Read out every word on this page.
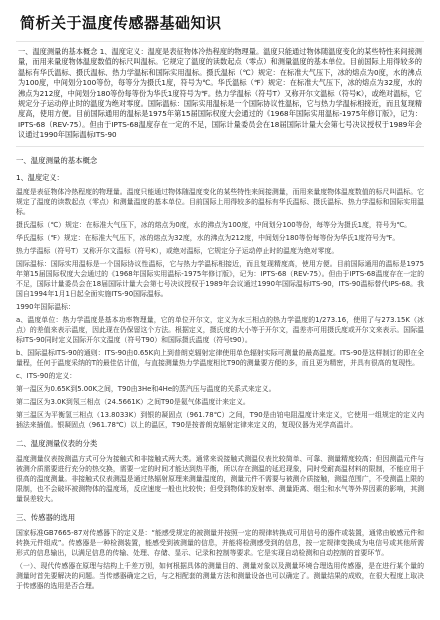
简析关于温度传感器基础知识
一、温度测量的基本概念 1、温度定义：温度是表征物体冷热程度的物理量。温度只能通过物体随温度变化的某些特性来间接测量，而用来量度物体温度数值的标尺叫温标。它规定了温度的读数起点（零点）和测量温度的基本单位。目前国际上用得较多的温标有华氏温标、摄氏温标、热力学温标和国际实用温标。摄氏温标（℃）规定：在标准大气压下，冰的熔点为0度，水的沸点为100度，中间划分100等份，每等分为摄氏1度，符号为℃。华氏温标（℉）规定：在标准大气压下，冰的熔点为32度，水的沸点为212度，中间划分180等份每等份为华氏1度符号为℉。热力学温标（符号T）又称开尔文温标（符号K），或绝对温标，它规定分子运动停止时的温度为绝对零度。国际温标：国际实用温标是一个国际协议性温标，它与热力学温标相接近，而且复现精度高，使用方便。目前国际通用的温标是1975年第15届国际权度大会通过的《1968年国际实用温标-1975年修订版》，记为：IPTS-68（REV-75）。但由于IPTS-68温度存在一定的不足，国际计量委员会在18届国际计量大会第七号决议授权于1989年会议通过1990年国际温标ITS-90
一、温度测量的基本概念
1、温度定义：

温度是表征物体冷热程度的物理量。温度只能通过物体随温度变化的某些特性来间接测量，而用来量度物体温度数值的标尺叫温标。它规定了温度的读数起点（零点）和测量温度的基本单位。目前国际上用得较多的温标有华氏温标、摄氏温标、热力学温标和国际实用温标。

摄氏温标（℃）规定：在标准大气压下，冰的熔点为0度，水的沸点为100度，中间划分100等份，每等分为摄氏1度，符号为℃。

华氏温标（℉）规定：在标准大气压下，冰的熔点为32度，水的沸点为212度，中间划分180等份每等份为华氏1度符号为℉。

热力学温标（符号T）又称开尔文温标（符号K），或绝对温标，它规定分子运动停止时的温度为绝对零度。

国际温标：国际实用温标是一个国际协议性温标，它与热力学温标相接近，而且复现精度高，使用方便。目前国际通用的温标是1975年第15届国际权度大会通过的《1968年国际实用温标-1975年修订版》，记为：IPTS-68（REV-75）。但由于IPTS-68温度存在一定的不足，国际计量委员会在18届国际计量大会第七号决议授权于1989年会议通过1990年国际温标ITS-90，ITS-90温标替代IPS-68。我国自1994年1月1日起全面实施ITS-90国际温标。

1990年国际温标：

a、温度单位：热力学温度是基本功率物理量，它的单位开尔文，定义为水三相点的热力学温度的1/273.16，使用了与273.15K（冰点）的差值来表示温度，因此现在仍保留这个方法。根据定义，摄氏度的大小等于开尔文，温差亦可用摄氏度或开尔文来表示。国际温标ITS-90同时定义国际开尔文温度（符号T90）和国际摄氏温度（符号t90）。

b、国际温标ITS-90的通则：ITS-90由0.65K向上到普朗克辐射定律使用单色辐射实际可测量的最高温度。ITS-90是这样制订的即在全量程，任何于温度采纳的T的最佳估计值，与直接测量热力学温度相比T90的测量要方便的多，而且更为精密，并具有很高的复现性。

c、ITS-90的定义：

第一温区为0.65K到5.00K之间，T90由3He和4He的蒸汽压与温度的关系式来定义。

第二温区为3.0K到氖三相点（24.5661K）之间T90是氦气体温度计来定义。

第三温区为平衡氢三相点（13.8033K）到银的凝固点（961.78℃）之间，T90是由铂电阻温度计来定义，它使用一组规定的定义内插法来插值。银凝固点（961.78℃）以上的温区，T90是按普朗克辐射定律来定义的，复现仪器为光学高温计。

二、温度测量仪表的分类

温度测量仪表按测温方式可分为接触式和非接触式两大类。通常来说接触式测温仪表比较简单、可靠、测量精度较高；但因测温元件与被测介质需要进行充分的热交换，需要一定的时间才能达到热平衡，所以存在测温的延迟现象，同时受耐高温材料的限制，不能应用于很高的温度测量。非接触式仪表测温是通过热辐射原理来测量温度的，测量元件不需要与被测介质接触，测温范围广，不受测温上限的限制，也不会破坏被测物体的温度场，反应速度一般也比较快；但受到物体的发射率、测量距离、烟尘和水气等外界因素的影响，其测量误差较大。

三、传感器的选用

国家标准GB7665-87对传感器下的定义是：“能感受规定的被测量并按照一定的规律转换成可用信号的器件或装置，通常由敏感元件和转换元件组成”。传感器是一种检测装置，能感受到被测量的信息，并能将检测感受到的信息，按一定规律变换成为电信号或其他所需形式的信息输出，以满足信息的传输、处理、存储、显示、记录和控制等要求。它是实现自动检测和自动控制的首要环节。

（一）、现代传感器在原理与结构上千差万别，如何根据具体的测量目的、测量对象以及测量环境合理选用传感器，是在进行某个量的测量时首先要解决的问题。当传感器确定之后，与之相配套的测量方法和测量设备也可以确定了。测量结果的成败，在很大程度上取决于传感器的选用是否合理。
